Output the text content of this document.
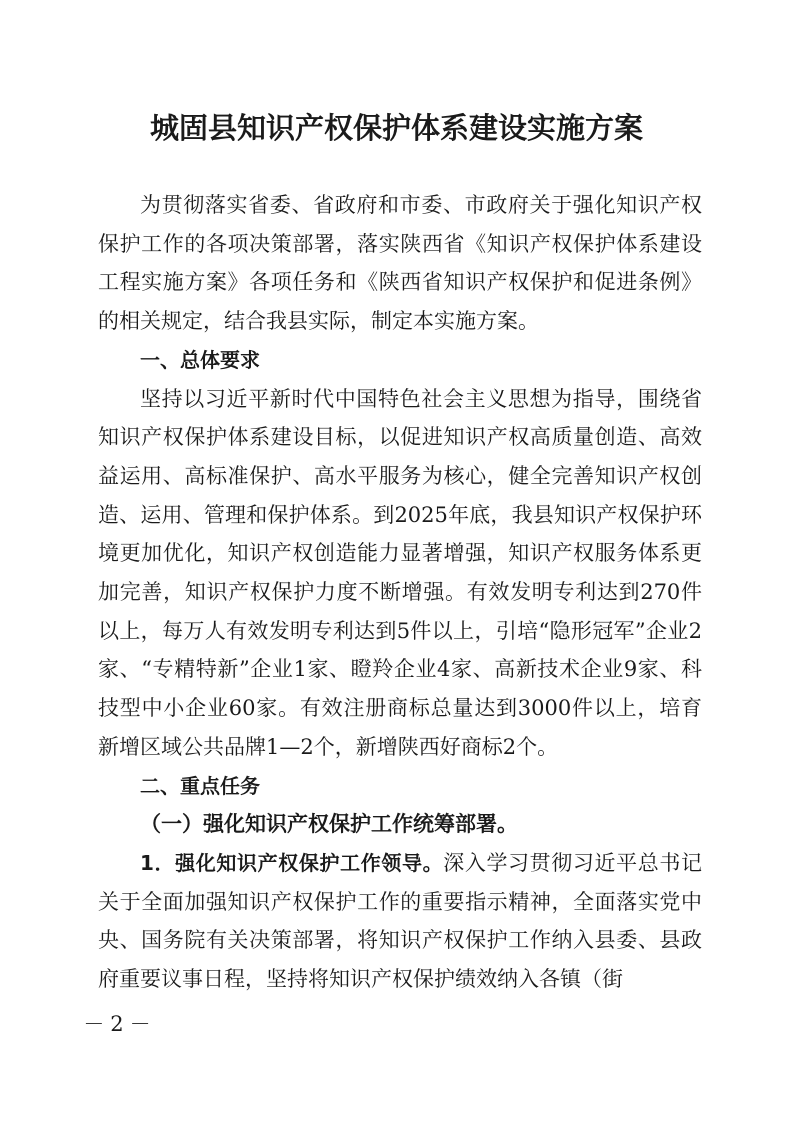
城固县知识产权保护体系建设实施方案

为贯彻落实省委、省政府和市委、市政府关于强化知识产权保护工作的各项决策部署，落实陕西省《知识产权保护体系建设工程实施方案》各项任务和《陕西省知识产权保护和促进条例》的相关规定，结合我县实际，制定本实施方案。

一、总体要求

坚持以习近平新时代中国特色社会主义思想为指导，围绕省知识产权保护体系建设目标，以促进知识产权高质量创造、高效益运用、高标准保护、高水平服务为核心，健全完善知识产权创造、运用、管理和保护体系。到2025年底，我县知识产权保护环境更加优化，知识产权创造能力显著增强，知识产权服务体系更加完善，知识产权保护力度不断增强。有效发明专利达到270件以上，每万人有效发明专利达到5件以上，引培“隐形冠军”企业2家、“专精特新”企业1家、瞪羚企业4家、高新技术企业9家、科技型中小企业60家。有效注册商标总量达到3000件以上，培育新增区域公共品牌1—2个，新增陕西好商标2个。

二、重点任务

（一）强化知识产权保护工作统筹部署。

1．强化知识产权保护工作领导。深入学习贯彻习近平总书记关于全面加强知识产权保护工作的重要指示精神，全面落实党中央、国务院有关决策部署，将知识产权保护工作纳入县委、县政府重要议事日程，坚持将知识产权保护绩效纳入各镇（街

－2－
